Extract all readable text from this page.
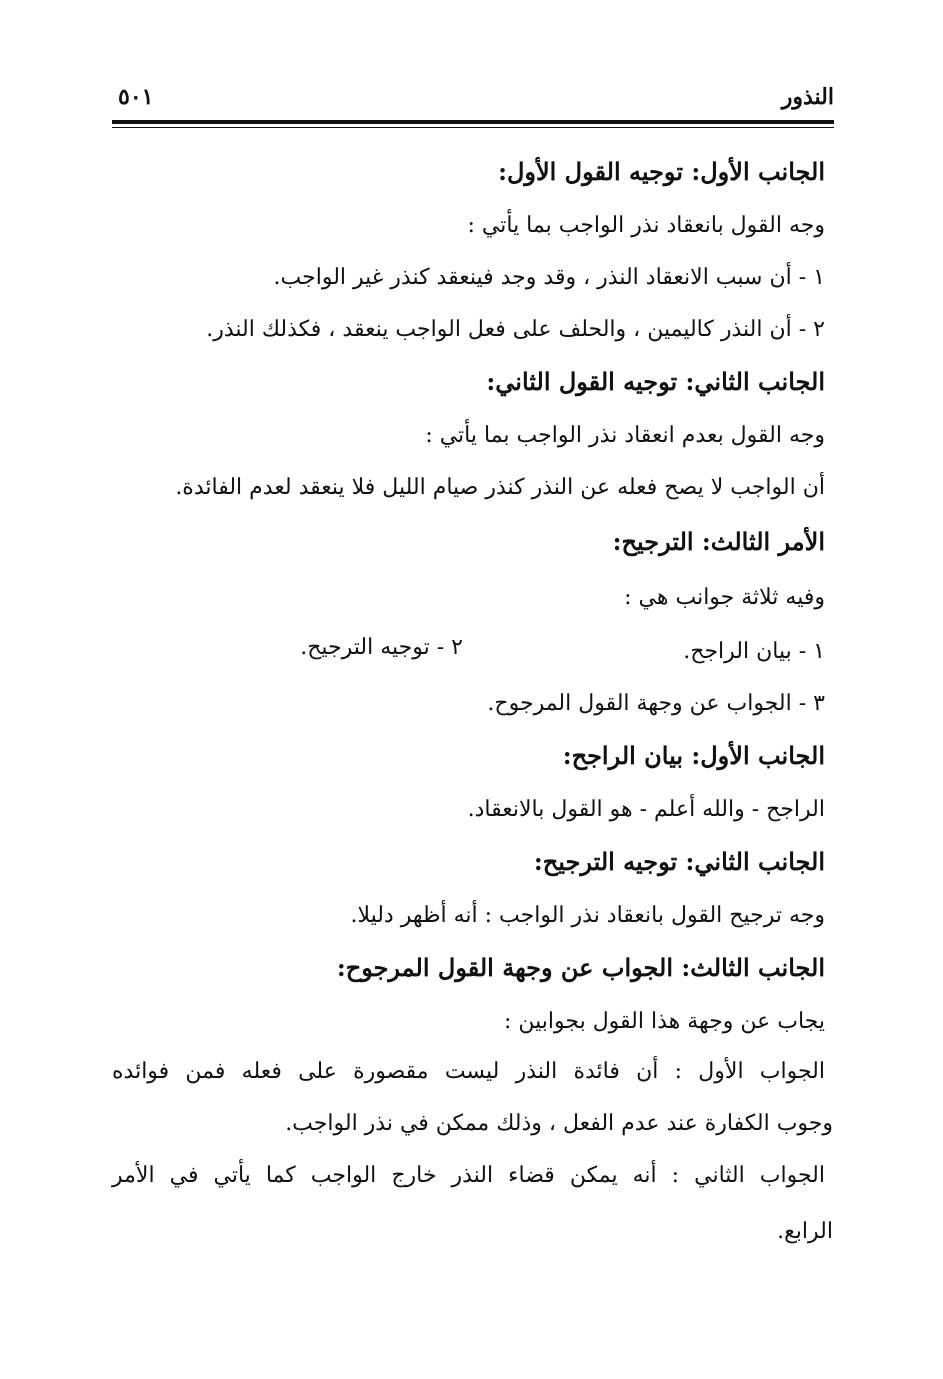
النذور
٥٠١
الجانب الأول: توجيه القول الأول:
وجه القول بانعقاد نذر الواجب بما يأتي :
١ - أن سبب الانعقاد النذر ، وقد وجد فينعقد كنذر غير الواجب.
٢ - أن النذر كاليمين ، والحلف على فعل الواجب ينعقد ، فكذلك النذر.
الجانب الثاني: توجيه القول الثاني:
وجه القول بعدم انعقاد نذر الواجب بما يأتي :
أن الواجب لا يصح فعله عن النذر كنذر صيام الليل فلا ينعقد لعدم الفائدة.
الأمر الثالث: الترجيح:
وفيه ثلاثة جوانب هي :
١ - بيان الراجح.
٢ - توجيه الترجيح.
٣ - الجواب عن وجهة القول المرجوح.
الجانب الأول: بيان الراجح:
الراجح - والله أعلم - هو القول بالانعقاد.
الجانب الثاني: توجيه الترجيح:
وجه ترجيح القول بانعقاد نذر الواجب : أنه أظهر دليلا.
الجانب الثالث: الجواب عن وجهة القول المرجوح:
يجاب عن وجهة هذا القول بجوابين :
الجواب الأول : أن فائدة النذر ليست مقصورة على فعله فمن فوائده
وجوب الكفارة عند عدم الفعل ، وذلك ممكن في نذر الواجب.
الجواب الثاني : أنه يمكن قضاء النذر خارج الواجب كما يأتي في الأمر
الرابع.
